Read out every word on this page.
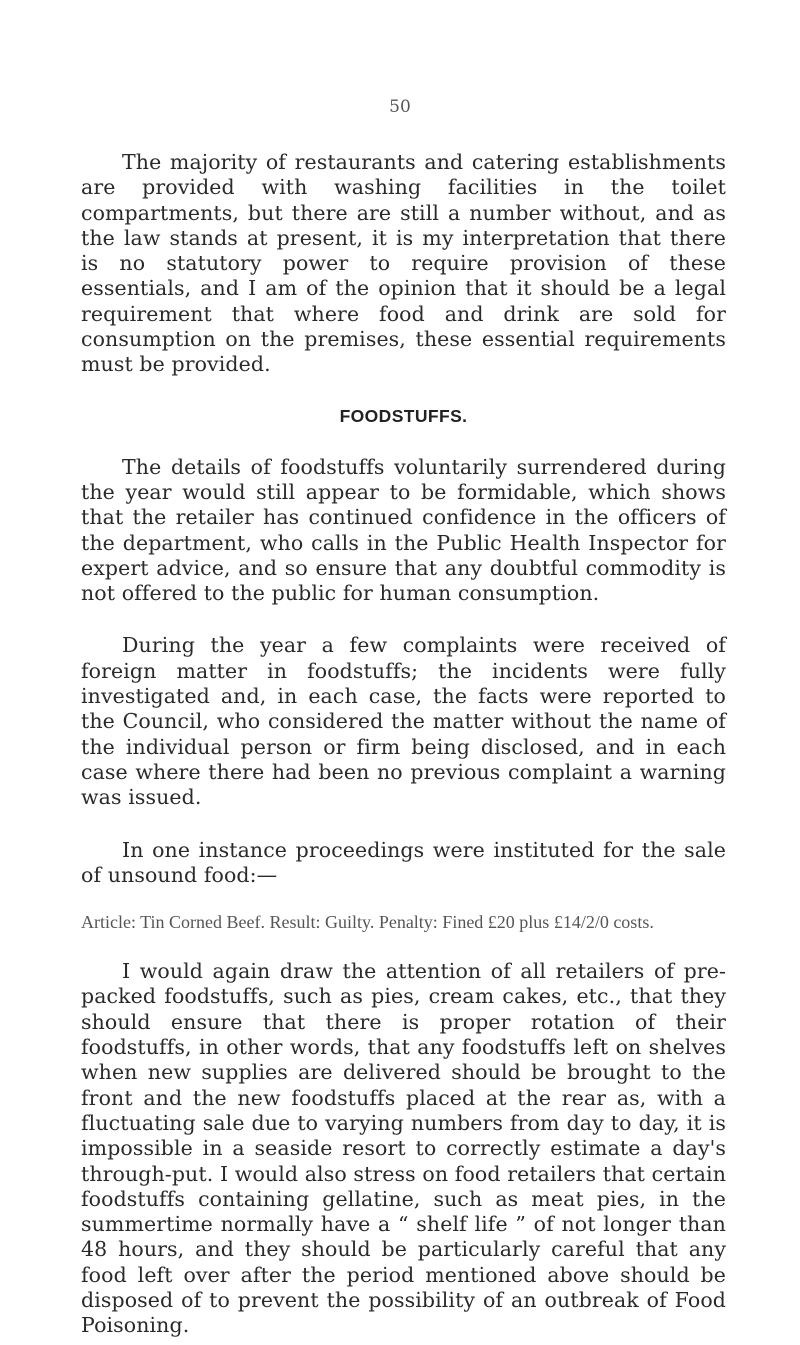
50

The majority of restaurants and catering establishments are provided with washing facilities in the toilet compartments, but there are still a number without, and as the law stands at present, it is my interpretation that there is no statutory power to require provision of these essentials, and I am of the opinion that it should be a legal requirement that where food and drink are sold for consumption on the premises, these essential requirements must be provided.

FOODSTUFFS.

The details of foodstuffs voluntarily surrendered during the year would still appear to be formidable, which shows that the retailer has continued confidence in the officers of the department, who calls in the Public Health Inspector for expert advice, and so ensure that any doubtful commodity is not offered to the public for human consumption.

During the year a few complaints were received of foreign matter in foodstuffs; the incidents were fully investigated and, in each case, the facts were reported to the Council, who considered the matter without the name of the individual person or firm being disclosed, and in each case where there had been no previous complaint a warning was issued.

In one instance proceedings were instituted for the sale of unsound food:—

Article: Tin Corned Beef. Result: Guilty. Penalty: Fined £20 plus £14/2/0 costs.

I would again draw the attention of all retailers of pre-packed foodstuffs, such as pies, cream cakes, etc., that they should ensure that there is proper rotation of their foodstuffs, in other words, that any foodstuffs left on shelves when new supplies are delivered should be brought to the front and the new foodstuffs placed at the rear as, with a fluctuating sale due to varying numbers from day to day, it is impossible in a seaside resort to correctly estimate a day's through-put. I would also stress on food retailers that certain foodstuffs containing gellatine, such as meat pies, in the summertime normally have a “ shelf life ” of not longer than 48 hours, and they should be particularly careful that any food left over after the period mentioned above should be disposed of to prevent the possibility of an outbreak of Food Poisoning.
